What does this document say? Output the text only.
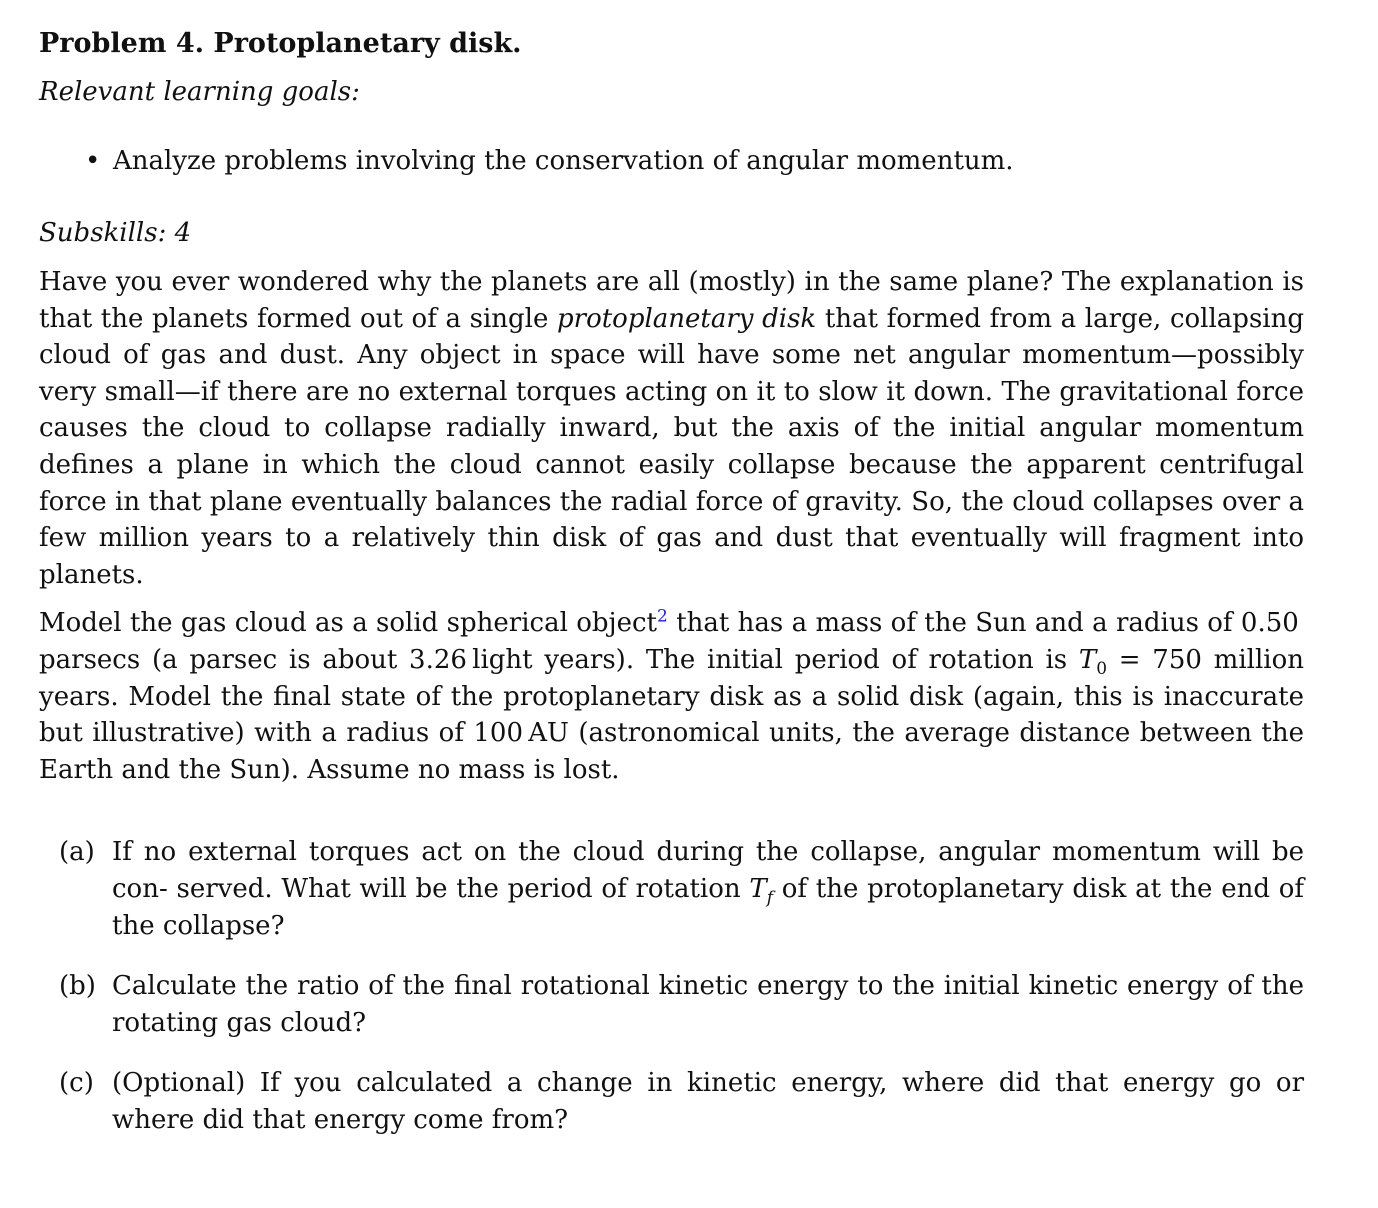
Problem 4. Protoplanetary disk.

Relevant learning goals:

• Analyze problems involving the conservation of angular momentum.

Subskills: 4

Have you ever wondered why the planets are all (mostly) in the same plane? The explanation is that the planets formed out of a single protoplanetary disk that formed from a large, collapsing cloud of gas and dust. Any object in space will have some net angular momentum—possibly very small—if there are no external torques acting on it to slow it down. The gravitational force causes the cloud to collapse radially inward, but the axis of the initial angular momentum defines a plane in which the cloud cannot easily collapse because the apparent centrifugal force in that plane eventually balances the radial force of gravity. So, the cloud collapses over a few million years to a relatively thin disk of gas and dust that eventually will fragment into planets.

Model the gas cloud as a solid spherical object$^2$ that has a mass of the Sun and a radius of 0.50 parsecs (a parsec is about 3.26 light years). The initial period of rotation is $T_0 = 750$ million years. Model the final state of the protoplanetary disk as a solid disk (again, this is inaccurate but illustrative) with a radius of 100 AU (astronomical units, the average distance between the Earth and the Sun). Assume no mass is lost.

(a) If no external torques act on the cloud during the collapse, angular momentum will be con- served. What will be the period of rotation $T_f$ of the protoplanetary disk at the end of the collapse?
(b) Calculate the ratio of the final rotational kinetic energy to the initial kinetic energy of the rotating gas cloud?
(c) (Optional) If you calculated a change in kinetic energy, where did that energy go or where did that energy come from?
